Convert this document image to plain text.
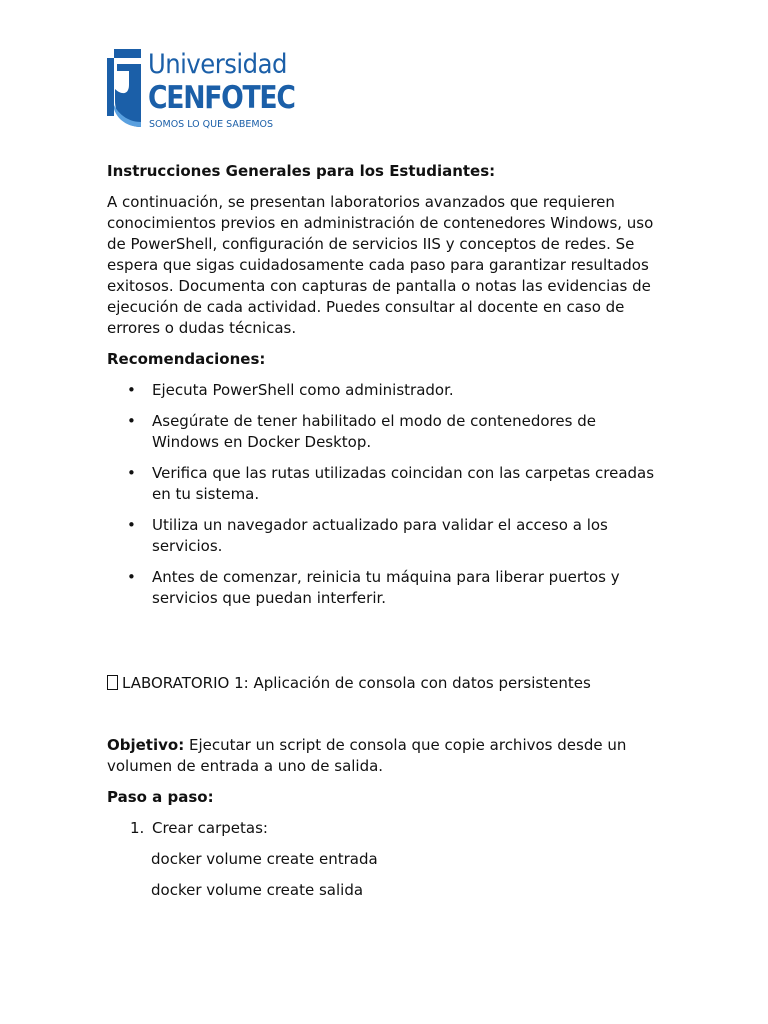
Universidad
CENFOTEC
SOMOS LO QUE SABEMOS

Instrucciones Generales para los Estudiantes:

A continuación, se presentan laboratorios avanzados que requieren conocimientos previos en administración de contenedores Windows, uso de PowerShell, configuración de servicios IIS y conceptos de redes. Se espera que sigas cuidadosamente cada paso para garantizar resultados exitosos. Documenta con capturas de pantalla o notas las evidencias de ejecución de cada actividad. Puedes consultar al docente en caso de errores o dudas técnicas.

Recomendaciones:

• Ejecuta PowerShell como administrador.
• Asegúrate de tener habilitado el modo de contenedores de Windows en Docker Desktop.
• Verifica que las rutas utilizadas coincidan con las carpetas creadas en tu sistema.
• Utiliza un navegador actualizado para validar el acceso a los servicios.
• Antes de comenzar, reinicia tu máquina para liberar puertos y servicios que puedan interferir.

LABORATORIO 1: Aplicación de consola con datos persistentes

Objetivo: Ejecutar un script de consola que copie archivos desde un volumen de entrada a uno de salida.

Paso a paso:

1. Crear carpetas:

docker volume create entrada

docker volume create salida
